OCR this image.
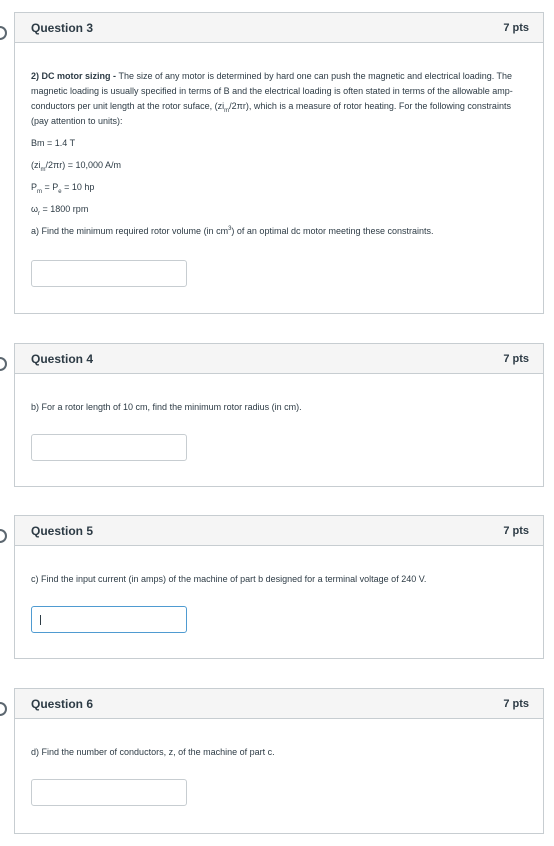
Question 3	7 pts

2) DC motor sizing - The size of any motor is determined by hard one can push the magnetic and electrical loading. The magnetic loading is usually specified in terms of B and the electrical loading is often stated in terms of the allowable amp-conductors per unit length at the rotor suface, $(zi_m/2\pi r)$, which is a measure of rotor heating. For the following constraints (pay attention to units):

Bm = 1.4 T

$(zi_m/2\pi r) = 10,000$ A/m

$P_m = P_e = 10$ hp

$\omega_r = 1800$ rpm

a) Find the minimum required rotor volume (in $cm^3$) of an optimal dc motor meeting these constraints.

Question 4	7 pts

b) For a rotor length of 10 cm, find the minimum rotor radius (in cm).

Question 5	7 pts

c) Find the input current (in amps) of the machine of part b designed for a terminal voltage of 240 V.

Question 6	7 pts

d) Find the number of conductors, z, of the machine of part c.
